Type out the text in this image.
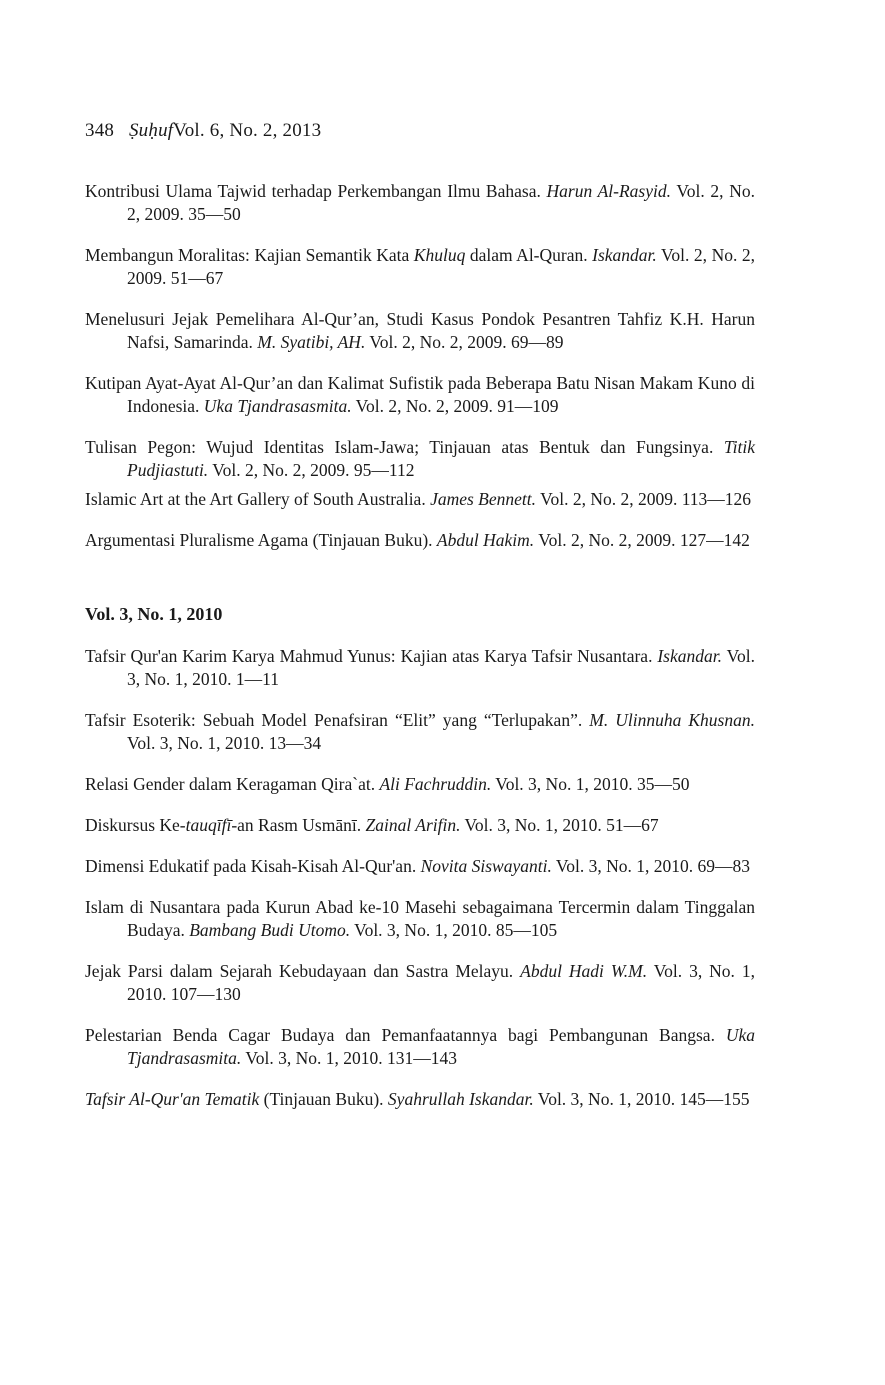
348 ṢuḥufVol. 6, No. 2, 2013

Kontribusi Ulama Tajwid terhadap Perkembangan Ilmu Bahasa. Harun Al-Rasyid. Vol. 2, No. 2, 2009. 35—50

Membangun Moralitas: Kajian Semantik Kata Khuluq dalam Al-Quran. Iskandar. Vol. 2, No. 2, 2009. 51—67

Menelusuri Jejak Pemelihara Al-Qur’an, Studi Kasus Pondok Pesantren Tahfiz K.H. Harun Nafsi, Samarinda. M. Syatibi, AH. Vol. 2, No. 2, 2009. 69—89

Kutipan Ayat-Ayat Al-Qur’an dan Kalimat Sufistik pada Beberapa Batu Nisan Makam Kuno di Indonesia. Uka Tjandrasasmita. Vol. 2, No. 2, 2009. 91—109

Tulisan Pegon: Wujud Identitas Islam-Jawa; Tinjauan atas Bentuk dan Fungsinya. Titik Pudjiastuti. Vol. 2, No. 2, 2009. 95—112

Islamic Art at the Art Gallery of South Australia. James Bennett. Vol. 2, No. 2, 2009. 113—126

Argumentasi Pluralisme Agama (Tinjauan Buku). Abdul Hakim. Vol. 2, No. 2, 2009. 127—142

Vol. 3, No. 1, 2010

Tafsir Qur'an Karim Karya Mahmud Yunus: Kajian atas Karya Tafsir Nusantara. Iskandar. Vol. 3, No. 1, 2010. 1—11

Tafsir Esoterik: Sebuah Model Penafsiran “Elit” yang “Terlupakan”. M. Ulinnuha Khusnan. Vol. 3, No. 1, 2010. 13—34

Relasi Gender dalam Keragaman Qira`at. Ali Fachruddin. Vol. 3, No. 1, 2010. 35—50

Diskursus Ke-tauqīfī-an Rasm Usmānī. Zainal Arifin. Vol. 3, No. 1, 2010. 51—67

Dimensi Edukatif pada Kisah-Kisah Al-Qur'an. Novita Siswayanti. Vol. 3, No. 1, 2010. 69—83

Islam di Nusantara pada Kurun Abad ke-10 Masehi sebagaimana Tercermin dalam Tinggalan Budaya. Bambang Budi Utomo. Vol. 3, No. 1, 2010. 85—105

Jejak Parsi dalam Sejarah Kebudayaan dan Sastra Melayu. Abdul Hadi W.M. Vol. 3, No. 1, 2010. 107—130

Pelestarian Benda Cagar Budaya dan Pemanfaatannya bagi Pembangunan Bangsa. Uka Tjandrasasmita. Vol. 3, No. 1, 2010. 131—143

Tafsir Al-Qur'an Tematik (Tinjauan Buku). Syahrullah Iskandar. Vol. 3, No. 1, 2010. 145—155
